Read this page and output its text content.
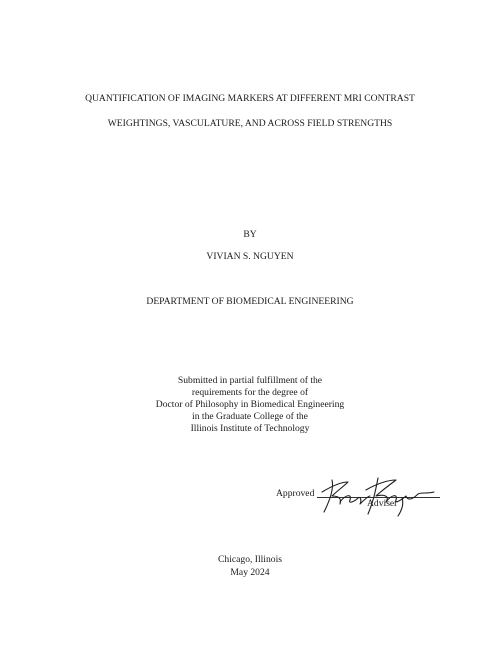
QUANTIFICATION OF IMAGING MARKERS AT DIFFERENT MRI CONTRAST

WEIGHTINGS, VASCULATURE, AND ACROSS FIELD STRENGTHS

BY

VIVIAN S. NGUYEN

DEPARTMENT OF BIOMEDICAL ENGINEERING

Submitted in partial fulfillment of the

requirements for the degree of

Doctor of Philosophy in Biomedical Engineering

in the Graduate College of the

Illinois Institute of Technology

Approved
Adviser

Chicago, Illinois

May 2024
